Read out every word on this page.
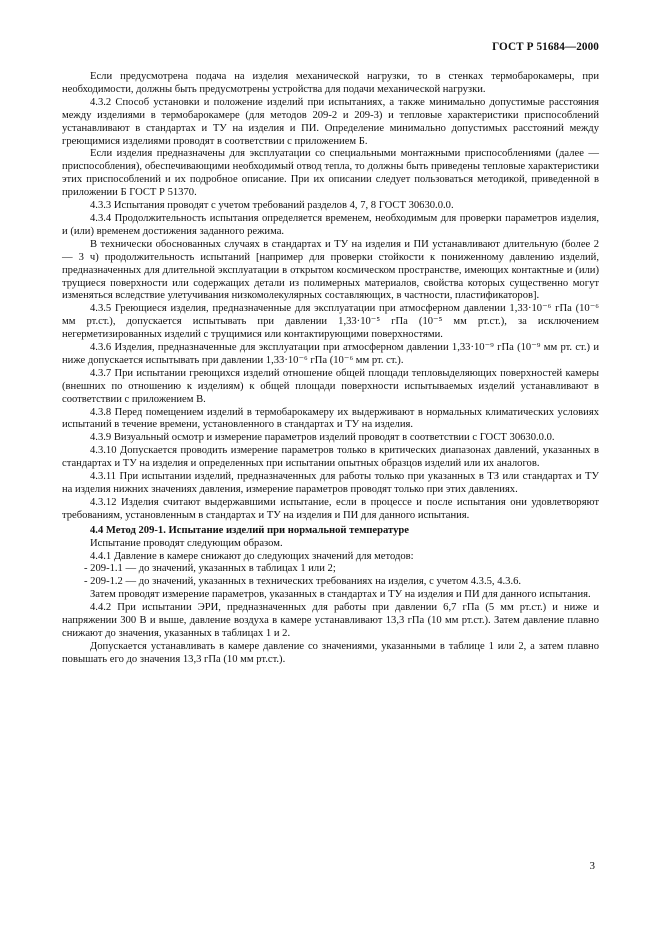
ГОСТ Р 51684—2000

Если предусмотрена подача на изделия механической нагрузки, то в стенках термобарокамеры, при необходимости, должны быть предусмотрены устройства для подачи механической нагрузки.

4.3.2 Способ установки и положение изделий при испытаниях, а также минимально допустимые расстояния между изделиями в термобарокамере (для методов 209-2 и 209-3) и тепловые характеристики приспособлений устанавливают в стандартах и ТУ на изделия и ПИ. Определение минимально допустимых расстояний между греющимися изделиями проводят в соответствии с приложением Б.

Если изделия предназначены для эксплуатации со специальными монтажными приспособлениями (далее — приспособления), обеспечивающими необходимый отвод тепла, то должны быть приведены тепловые характеристики этих приспособлений и их подробное описание. При их описании следует пользоваться методикой, приведенной в приложении Б ГОСТ Р 51370.

4.3.3 Испытания проводят с учетом требований разделов 4, 7, 8 ГОСТ 30630.0.0.

4.3.4 Продолжительность испытания определяется временем, необходимым для проверки параметров изделия, и (или) временем достижения заданного режима.

В технически обоснованных случаях в стандартах и ТУ на изделия и ПИ устанавливают длительную (более 2 — 3 ч) продолжительность испытаний [например для проверки стойкости к пониженному давлению изделий, предназначенных для длительной эксплуатации в открытом космическом пространстве, имеющих контактные и (или) трущиеся поверхности или содержащих детали из полимерных материалов, свойства которых существенно могут изменяться вследствие улетучивания низкомолекулярных составляющих, в частности, пластификаторов].

4.3.5 Греющиеся изделия, предназначенные для эксплуатации при атмосферном давлении 1,33·10⁻⁶ гПа (10⁻⁶ мм рт.ст.), допускается испытывать при давлении 1,33·10⁻⁵ гПа (10⁻⁵ мм рт.ст.), за исключением негерметизированных изделий с трущимися или контактирующими поверхностями.

4.3.6 Изделия, предназначенные для эксплуатации при атмосферном давлении 1,33·10⁻⁹ гПа (10⁻⁹ мм рт. ст.) и ниже допускается испытывать при давлении 1,33·10⁻⁶ гПа (10⁻⁶ мм рт. ст.).

4.3.7 При испытании греющихся изделий отношение общей площади тепловыделяющих поверхностей камеры (внешних по отношению к изделиям) к общей площади поверхности испытываемых изделий устанавливают в соответствии с приложением В.

4.3.8 Перед помещением изделий в термобарокамеру их выдерживают в нормальных климатических условиях испытаний в течение времени, установленного в стандартах и ТУ на изделия.

4.3.9 Визуальный осмотр и измерение параметров изделий проводят в соответствии с ГОСТ 30630.0.0.

4.3.10 Допускается проводить измерение параметров только в критических диапазонах давлений, указанных в стандартах и ТУ на изделия и определенных при испытании опытных образцов изделий или их аналогов.

4.3.11 При испытании изделий, предназначенных для работы только при указанных в ТЗ или стандартах и ТУ на изделия нижних значениях давления, измерение параметров проводят только при этих давлениях.

4.3.12 Изделия считают выдержавшими испытание, если в процессе и после испытания они удовлетворяют требованиям, установленным в стандартах и ТУ на изделия и ПИ для данного испытания.

4.4 Метод 209-1. Испытание изделий при нормальной температуре

Испытание проводят следующим образом.

4.4.1 Давление в камере снижают до следующих значений для методов:

- 209-1.1 — до значений, указанных в таблицах 1 или 2;

- 209-1.2 — до значений, указанных в технических требованиях на изделия, с учетом 4.3.5, 4.3.6.

Затем проводят измерение параметров, указанных в стандартах и ТУ на изделия и ПИ для данного испытания.

4.4.2 При испытании ЭРИ, предназначенных для работы при давлении 6,7 гПа (5 мм рт.ст.) и ниже и напряжении 300 В и выше, давление воздуха в камере устанавливают 13,3 гПа (10 мм рт.ст.). Затем давление плавно снижают до значения, указанных в таблицах 1 и 2.

Допускается устанавливать в камере давление со значениями, указанными в таблице 1 или 2, а затем плавно повышать его до значения 13,3 гПа (10 мм рт.ст.).

3
